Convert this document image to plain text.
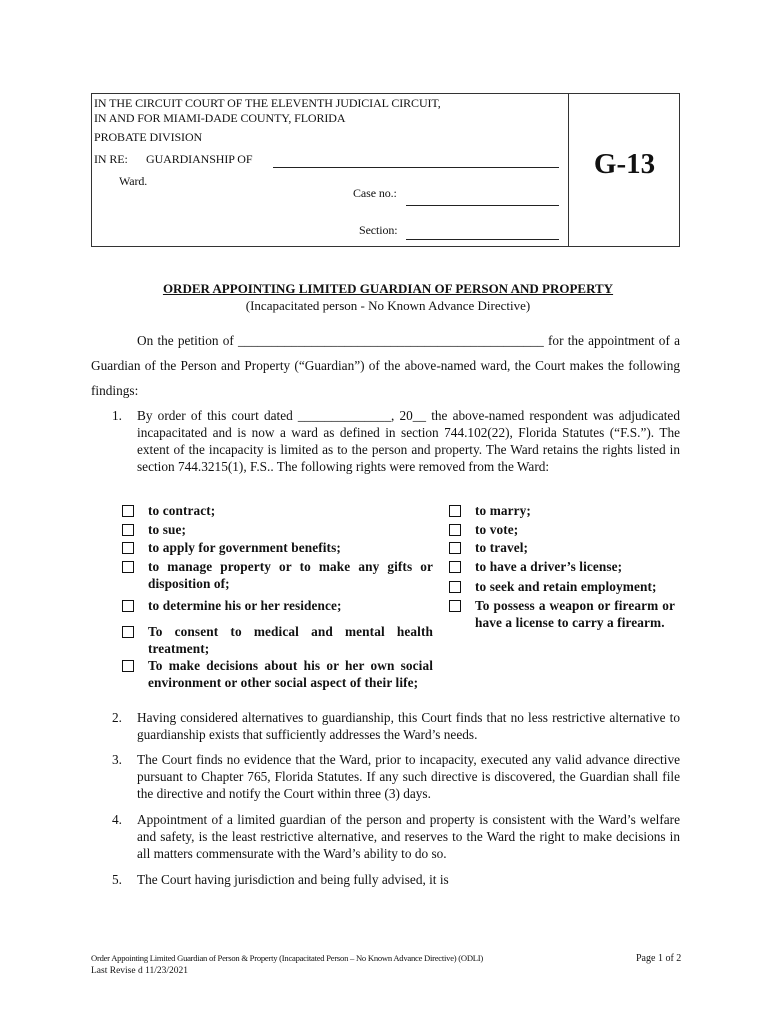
IN THE CIRCUIT COURT OF THE ELEVENTH JUDICIAL CIRCUIT,
IN AND FOR MIAMI-DADE COUNTY, FLORIDA
PROBATE DIVISION
IN RE: GUARDIANSHIP OF
Ward.
Case no.:
Section:
G-13
ORDER APPOINTING LIMITED GUARDIAN OF PERSON AND PROPERTY
(Incapacitated person - No Known Advance Directive)
On the petition of ______________________________________________ for the appointment of a Guardian of the Person and Property (“Guardian”) of the above-named ward, the Court makes the following findings:
1. By order of this court dated ______________, 20__ the above-named respondent was adjudicated incapacitated and is now a ward as defined in section 744.102(22), Florida Statutes (“F.S.”). The extent of the incapacity is limited as to the person and property. The Ward retains the rights listed in section 744.3215(1), F.S.. The following rights were removed from the Ward:
to contract;
to sue;
to apply for government benefits;
to manage property or to make any gifts or disposition of;
to determine his or her residence;
To consent to medical and mental health treatment;
To make decisions about his or her own social environment or other social aspect of their life;
to marry;
to vote;
to travel;
to have a driver’s license;
to seek and retain employment;
To possess a weapon or firearm or have a license to carry a firearm.
2. Having considered alternatives to guardianship, this Court finds that no less restrictive alternative to guardianship exists that sufficiently addresses the Ward’s needs.
3. The Court finds no evidence that the Ward, prior to incapacity, executed any valid advance directive pursuant to Chapter 765, Florida Statutes. If any such directive is discovered, the Guardian shall file the directive and notify the Court within three (3) days.
4. Appointment of a limited guardian of the person and property is consistent with the Ward’s welfare and safety, is the least restrictive alternative, and reserves to the Ward the right to make decisions in all matters commensurate with the Ward’s ability to do so.
5. The Court having jurisdiction and being fully advised, it is
Order Appointing Limited Guardian of Person & Property (Incapacitated Person – No Known Advance Directive) (ODLI)	Page 1 of 2
Last Revise d 11/23/2021
